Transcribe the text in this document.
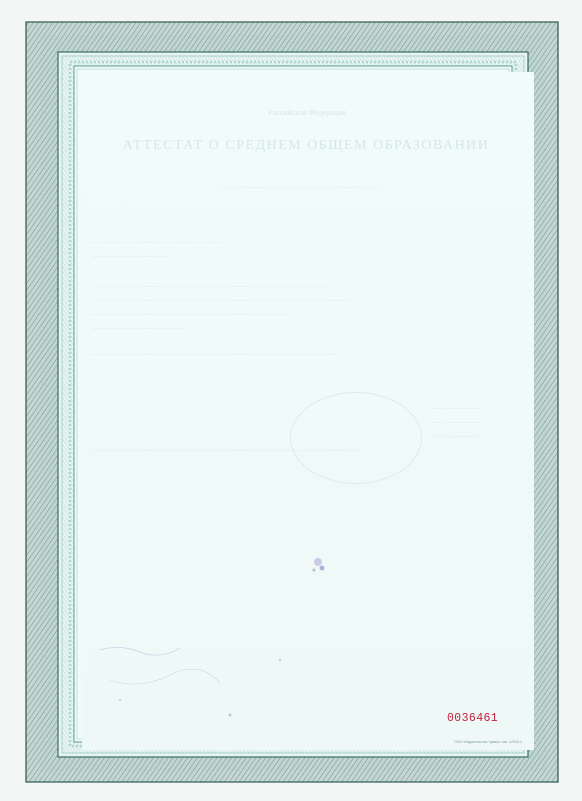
Российская Федерация
АТТЕСТАТ О СРЕДНЕМ ОБЩЕМ ОБРАЗОВАНИИ
— — — — — — — — — — — — — — — — — —
— — — — — — — — — — — — — — —
— — — — — — — — —
— — — — — — — — — — — — — — — — — — — — — — — — — — —
— — — — — — — — — — — — — — — — — — — — — — — — — — — — — —
— — — — — — — — — — — — — — — — — — — — — — —
— — — — — — — — — — —
— — — — — — — — — — — — — — — — — — — — — — — — — — — —
— — — — — —
— — — — — —
— — — — — —
— — — — — — — — — — — — — — — — — — — — — — — — — — — — — — —
0036461
ООО «Издательство Чуваш» зак. 1234/14
